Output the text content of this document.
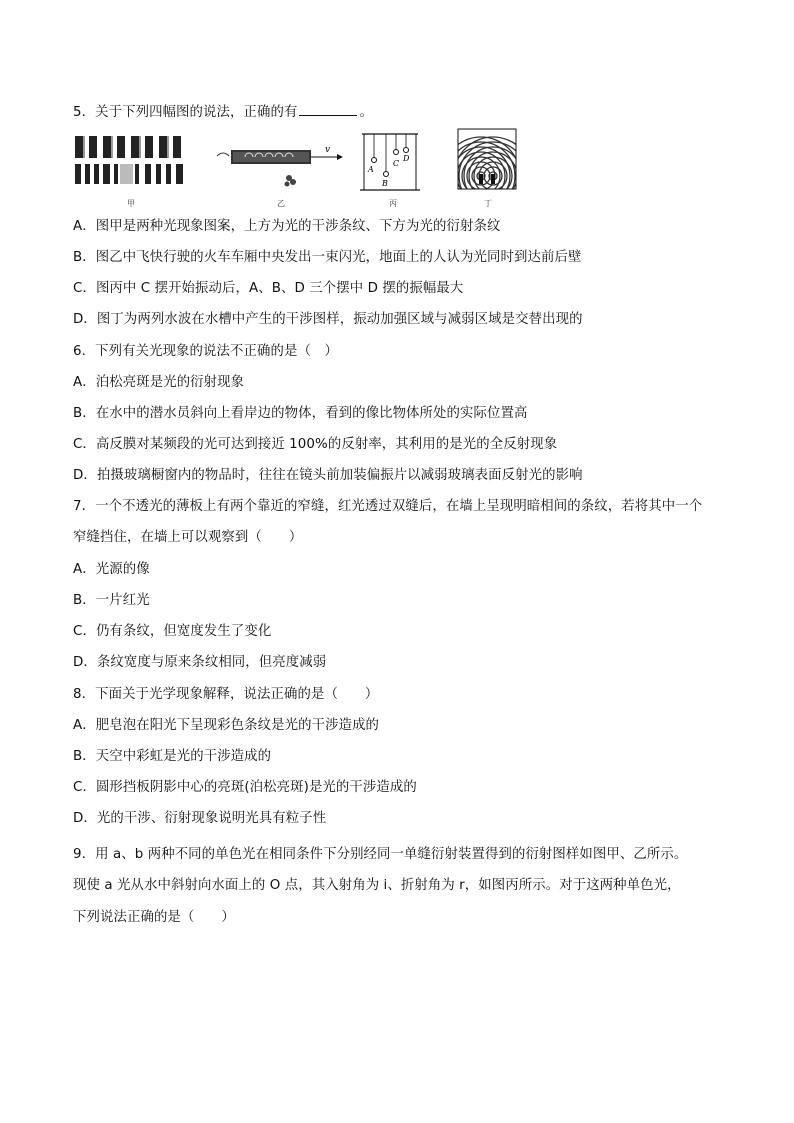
5．关于下列四幅图的说法，正确的有	。
甲
v
乙
A
B
C
D
丙	丁
A．图甲是两种光现象图案，上方为光的干涉条纹、下方为光的衍射条纹
B．图乙中飞快行驶的火车车厢中央发出一束闪光，地面上的人认为光同时到达前后壁
C．图丙中 C 摆开始振动后，A、B、D 三个摆中 D 摆的振幅最大
D．图丁为两列水波在水槽中产生的干涉图样，振动加强区域与减弱区域是交替出现的
6．下列有关光现象的说法不正确的是（　）
A．泊松亮斑是光的衍射现象
B．在水中的潜水员斜向上看岸边的物体，看到的像比物体所处的实际位置高
C．高反膜对某频段的光可达到接近 100%的反射率，其利用的是光的全反射现象
D．拍摄玻璃橱窗内的物品时，往往在镜头前加装偏振片以减弱玻璃表面反射光的影响
7．一个不透光的薄板上有两个靠近的窄缝，红光透过双缝后，在墙上呈现明暗相间的条纹，若将其中一个
窄缝挡住，在墙上可以观察到（　　）
A．光源的像
B．一片红光
C．仍有条纹，但宽度发生了变化
D．条纹宽度与原来条纹相同，但亮度减弱
8．下面关于光学现象解释，说法正确的是（　　）
A．肥皂泡在阳光下呈现彩色条纹是光的干涉造成的
B．天空中彩虹是光的干涉造成的
C．圆形挡板阴影中心的亮斑(泊松亮斑)是光的干涉造成的
D．光的干涉、衍射现象说明光具有粒子性
9．用 a、b 两种不同的单色光在相同条件下分别经同一单缝衍射装置得到的衍射图样如图甲、乙所示。
现使 a 光从水中斜射向水面上的 O 点，其入射角为 i、折射角为 r，如图丙所示。对于这两种单色光，
下列说法正确的是（　　）
